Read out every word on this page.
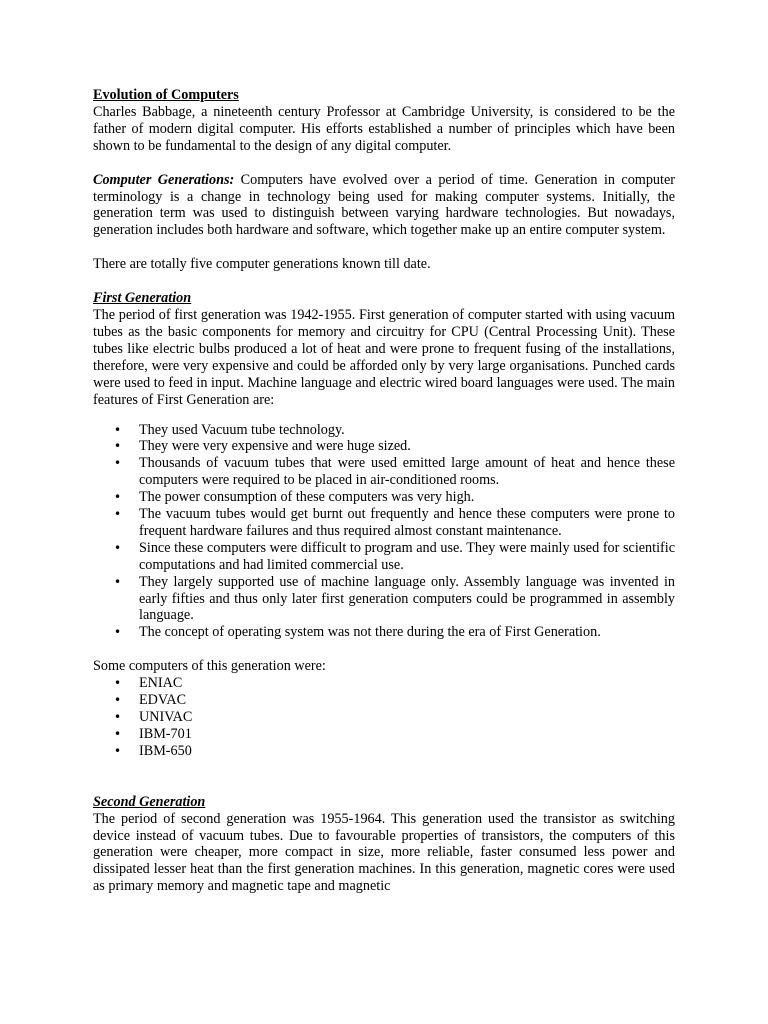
Evolution of Computers

Charles Babbage, a nineteenth century Professor at Cambridge University, is considered to be the father of modern digital computer. His efforts established a number of principles which have been shown to be fundamental to the design of any digital computer.

Computer Generations: Computers have evolved over a period of time. Generation in computer terminology is a change in technology being used for making computer systems. Initially, the generation term was used to distinguish between varying hardware technologies. But nowadays, generation includes both hardware and software, which together make up an entire computer system.

There are totally five computer generations known till date.

First Generation

The period of first generation was 1942-1955. First generation of computer started with using vacuum tubes as the basic components for memory and circuitry for CPU (Central Processing Unit). These tubes like electric bulbs produced a lot of heat and were prone to frequent fusing of the installations, therefore, were very expensive and could be afforded only by very large organisations. Punched cards were used to feed in input. Machine language and electric wired board languages were used. The main features of First Generation are:

• They used Vacuum tube technology.
• They were very expensive and were huge sized.
• Thousands of vacuum tubes that were used emitted large amount of heat and hence these computers were required to be placed in air-conditioned rooms.
• The power consumption of these computers was very high.
• The vacuum tubes would get burnt out frequently and hence these computers were prone to frequent hardware failures and thus required almost constant maintenance.
• Since these computers were difficult to program and use. They were mainly used for scientific computations and had limited commercial use.
• They largely supported use of machine language only. Assembly language was invented in early fifties and thus only later first generation computers could be programmed in assembly language.
• The concept of operating system was not there during the era of First Generation.

Some computers of this generation were:

• ENIAC
• EDVAC
• UNIVAC
• IBM-701
• IBM-650

Second Generation

The period of second generation was 1955-1964. This generation used the transistor as switching device instead of vacuum tubes. Due to favourable properties of transistors, the computers of this generation were cheaper, more compact in size, more reliable, faster consumed less power and dissipated lesser heat than the first generation machines. In this generation, magnetic cores were used as primary memory and magnetic tape and magnetic
